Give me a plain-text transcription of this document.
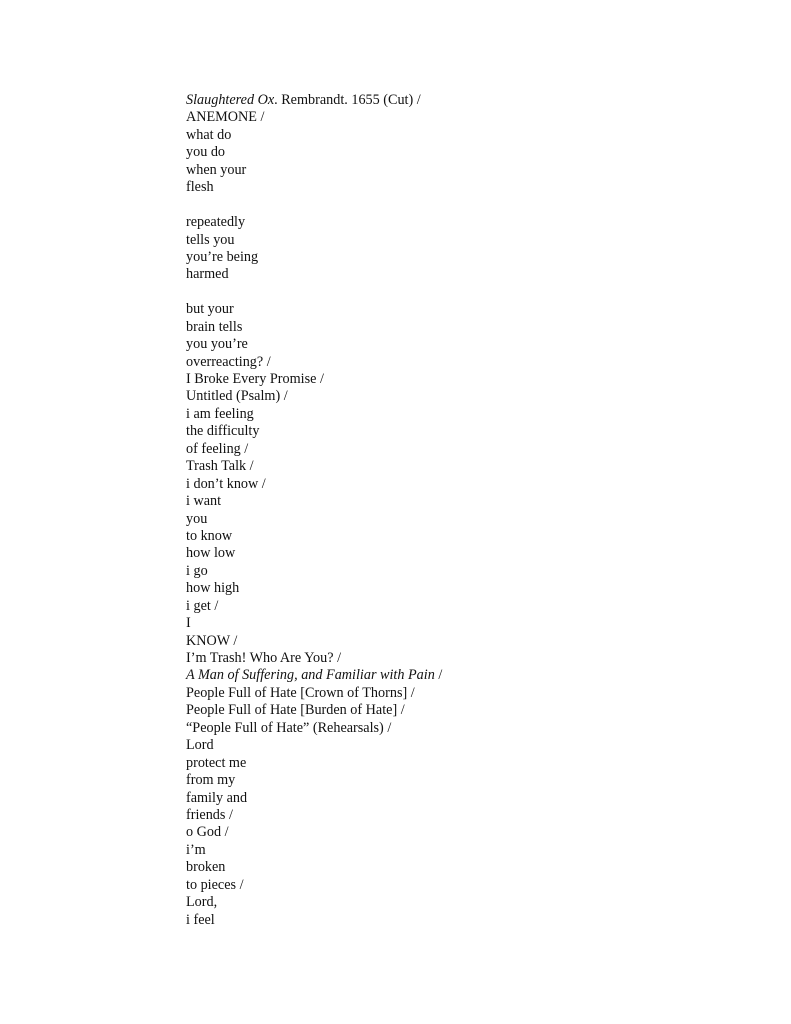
Slaughtered Ox. Rembrandt. 1655 (Cut) /
ANEMONE /
what do
you do
when your
flesh
repeatedly
tells you
you’re being
harmed
but your
brain tells
you you’re
overreacting? /
I Broke Every Promise /
Untitled (Psalm) /
i am feeling
the difficulty
of feeling /
Trash Talk /
i don’t know /
i want
you
to know
how low
i go
how high
i get /
I
KNOW /
I’m Trash! Who Are You? /
A Man of Suffering, and Familiar with Pain /
People Full of Hate [Crown of Thorns] /
People Full of Hate [Burden of Hate] /
“People Full of Hate” (Rehearsals) /
Lord
protect me
from my
family and
friends /
o God /
i’m
broken
to pieces /
Lord,
i feel
